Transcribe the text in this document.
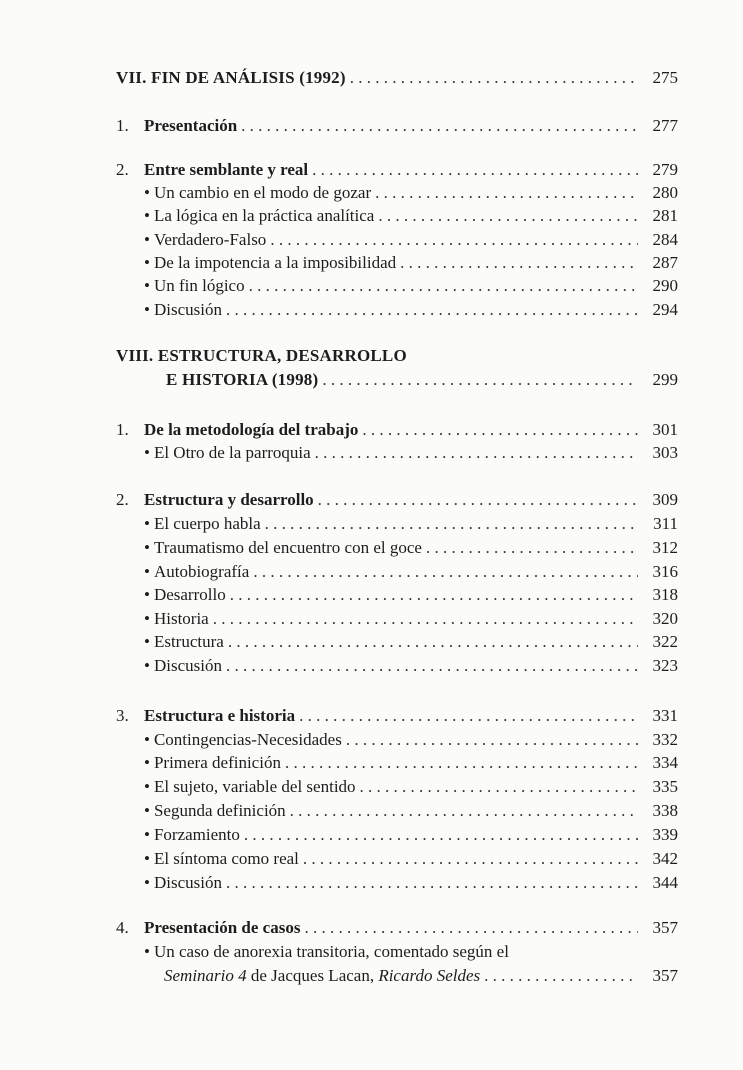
VII. FIN DE ANÁLISIS (1992) . . .	275
1. Presentación . . .	277
2. Entre semblante y real . . .	279
• Un cambio en el modo de gozar . . .	280
• La lógica en la práctica analítica . . .	281
• Verdadero-Falso . . .	284
• De la impotencia a la imposibilidad . . .	287
• Un fin lógico . . .	290
• Discusión . . .	294
VIII. ESTRUCTURA, DESARROLLO
E HISTORIA (1998) . . .	299
1. De la metodología del trabajo . . .	301
• El Otro de la parroquia . . .	303
2. Estructura y desarrollo . . .	309
• El cuerpo habla . . .	311
• Traumatismo del encuentro con el goce . . .	312
• Autobiografía . . .	316
• Desarrollo . . .	318
• Historia . . .	320
• Estructura . . .	322
• Discusión . . .	323
3. Estructura e historia . . .	331
• Contingencias-Necesidades . . .	332
• Primera definición . . .	334
• El sujeto, variable del sentido . . .	335
• Segunda definición . . .	338
• Forzamiento . . .	339
• El síntoma como real . . .	342
• Discusión . . .	344
4. Presentación de casos . . .	357
• Un caso de anorexia transitoria, comentado según el
Seminario 4 de Jacques Lacan, Ricardo Seldes . . .	357
